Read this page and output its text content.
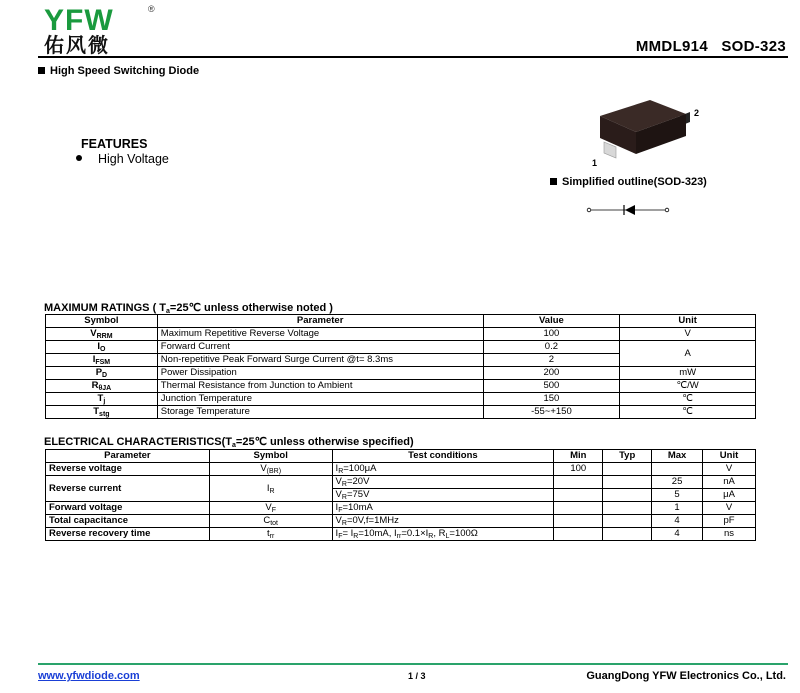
YFW	®
佑风微	MMDL914   SOD-323
High Speed Switching Diode
FEATURES
High Voltage	1
2
Simplified outline(SOD-323)
MAXIMUM RATINGS ( $T_a=25℃$ unless otherwise noted )
Symbol	Parameter	Value	Unit
$V_{RRM}$	Maximum Repetitive Reverse Voltage	100	V
$I_O$	Forward Current	0.2	A
$I_{FSM}$	Non-repetitive Peak Forward Surge Current @t= 8.3ms	2	
$P_D$	Power Dissipation	200	mW
$R_{\theta JA}$	Thermal Resistance from Junction to Ambient	500	℃/W
$T_j$	Junction Temperature	150	℃
$T_{stg}$	Storage Temperature	-55~+150	℃
ELECTRICAL $CHARACTERISTICS(T_a=25℃$ unless otherwise specified)
Parameter	Symbol	Test conditions	Min	Typ	Max	Unit
Reverse voltage	$V_{(BR)}$	$I_R=100\mu A$	100			V
Reverse current	$I_R$	$V_R=20V$			25	nA
		$V_R=75V$			5	μA
Forward voltage	$V_F$	$I_F=10mA$			1	V
Total capacitance	$C_{tot}$	$V_R=0V,f=1MHz$			4	pF
Reverse recovery time	$t_{rr}$	$I_F= I_R=10mA$, $I_{rr}=0.1\times I_R$, $R_L=100\Omega$			4	ns
www.yfwdiode.com	1 / 3	GuangDong YFW Electronics Co., Ltd.
